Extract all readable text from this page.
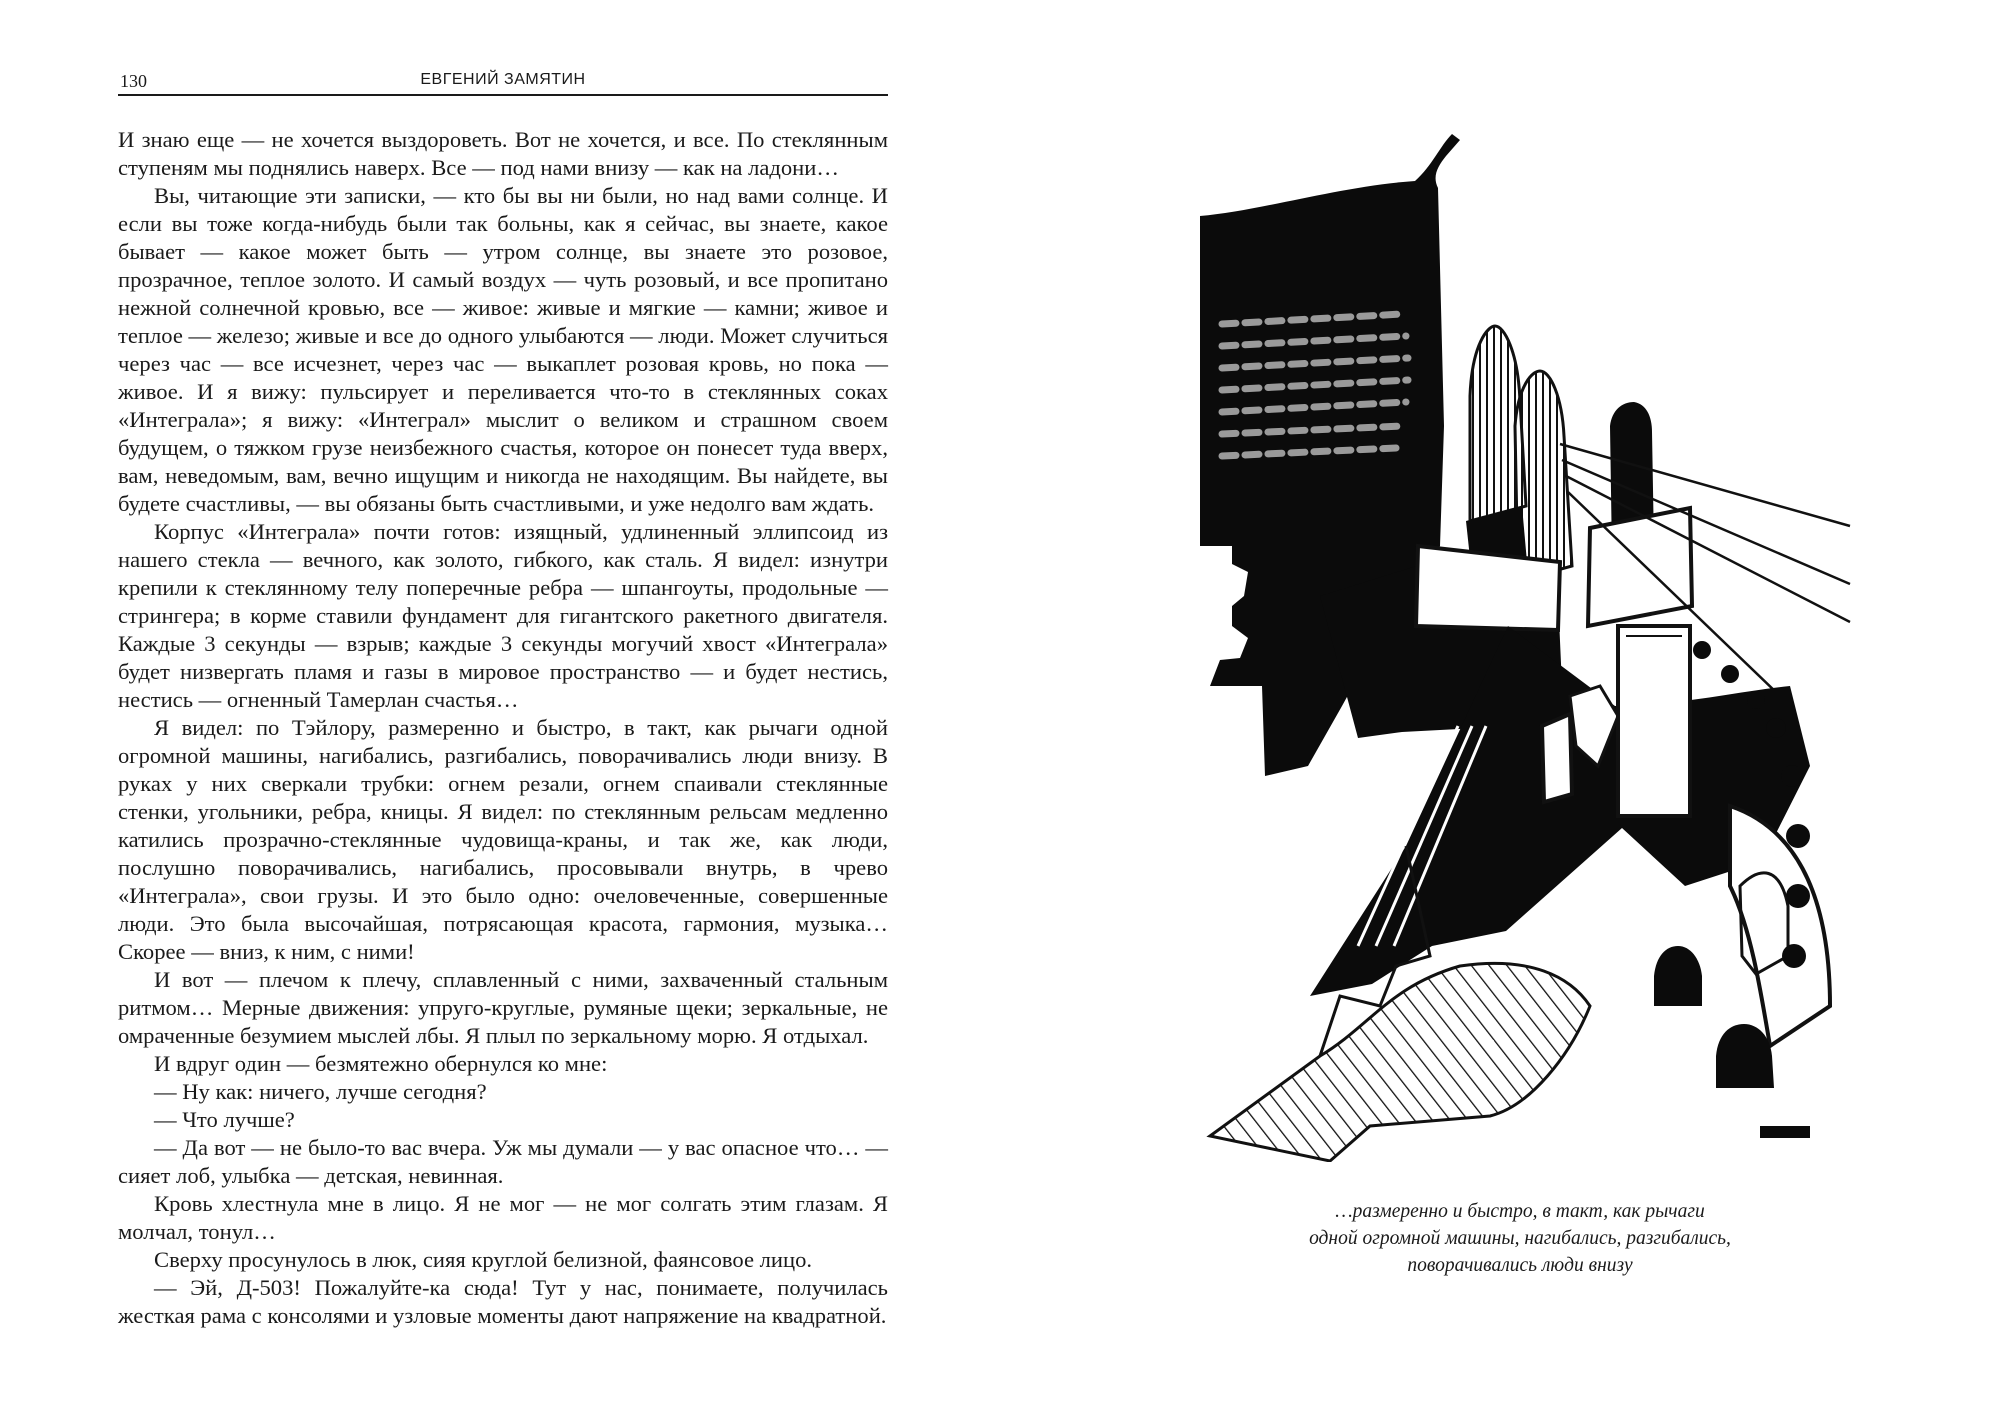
130	ЕВГЕНИЙ ЗАМЯТИН

И знаю еще — не хочется выздороветь. Вот не хочется, и все. По стеклянным ступеням мы поднялись наверх. Все — под нами внизу — как на ладони…

Вы, читающие эти записки, — кто бы вы ни были, но над вами солнце. И если вы тоже когда-нибудь были так больны, как я сейчас, вы знаете, какое бывает — какое может быть — утром солнце, вы знаете это розовое, прозрачное, теплое золото. И самый воздух — чуть розовый, и все пропитано нежной солнечной кровью, все — живое: живые и мягкие — камни; живое и теплое — железо; живые и все до одного улыбаются — люди. Может случиться через час — все исчезнет, через час — выкаплет розовая кровь, но пока — живое. И я вижу: пульсирует и переливается что-то в стеклянных соках «Интеграла»; я вижу: «Интеграл» мыслит о великом и страшном своем будущем, о тяжком грузе неизбежного счастья, которое он понесет туда вверх, вам, неведомым, вам, вечно ищущим и никогда не находящим. Вы найдете, вы будете счастливы, — вы обязаны быть счастливыми, и уже недолго вам ждать.

Корпус «Интеграла» почти готов: изящный, удлиненный эллипсоид из нашего стекла — вечного, как золото, гибкого, как сталь. Я видел: изнутри крепили к стеклянному телу поперечные ребра — шпангоуты, продольные — стрингера; в корме ставили фундамент для гигантского ракетного двигателя. Каждые 3 секунды — взрыв; каждые 3 секунды могучий хвост «Интеграла» будет низвергать пламя и газы в мировое пространство — и будет нестись, нестись — огненный Тамерлан счастья…

Я видел: по Тэйлору, размеренно и быстро, в такт, как рычаги одной огромной машины, нагибались, разгибались, поворачивались люди внизу. В руках у них сверкали трубки: огнем резали, огнем спаивали стеклянные стенки, угольники, ребра, кницы. Я видел: по стеклянным рельсам медленно катились прозрачно-стеклянные чудовища-краны, и так же, как люди, послушно поворачивались, нагибались, просовывали внутрь, в чрево «Интеграла», свои грузы. И это было одно: очеловеченные, совершенные люди. Это была высочайшая, потрясающая красота, гармония, музыка… Скорее — вниз, к ним, с ними!

И вот — плечом к плечу, сплавленный с ними, захваченный стальным ритмом… Мерные движения: упруго-круглые, румяные щеки; зеркальные, не омраченные безумием мыслей лбы. Я плыл по зеркальному морю. Я отдыхал.

И вдруг один — безмятежно обернулся ко мне:

— Ну как: ничего, лучше сегодня?

— Что лучше?

— Да вот — не было-то вас вчера. Уж мы думали — у вас опасное что… — сияет лоб, улыбка — детская, невинная.

Кровь хлестнула мне в лицо. Я не мог — не мог солгать этим глазам. Я молчал, тонул…

Сверху просунулось в люк, сияя круглой белизной, фаянсовое лицо.

— Эй, Д-503! Пожалуйте-ка сюда! Тут у нас, понимаете, получилась жесткая рама с консолями и узловые моменты дают напряжение на квадратной.

…размеренно и быстро, в такт, как рычаги
одной огромной машины, нагибались, разгибались,
поворачивались люди внизу
